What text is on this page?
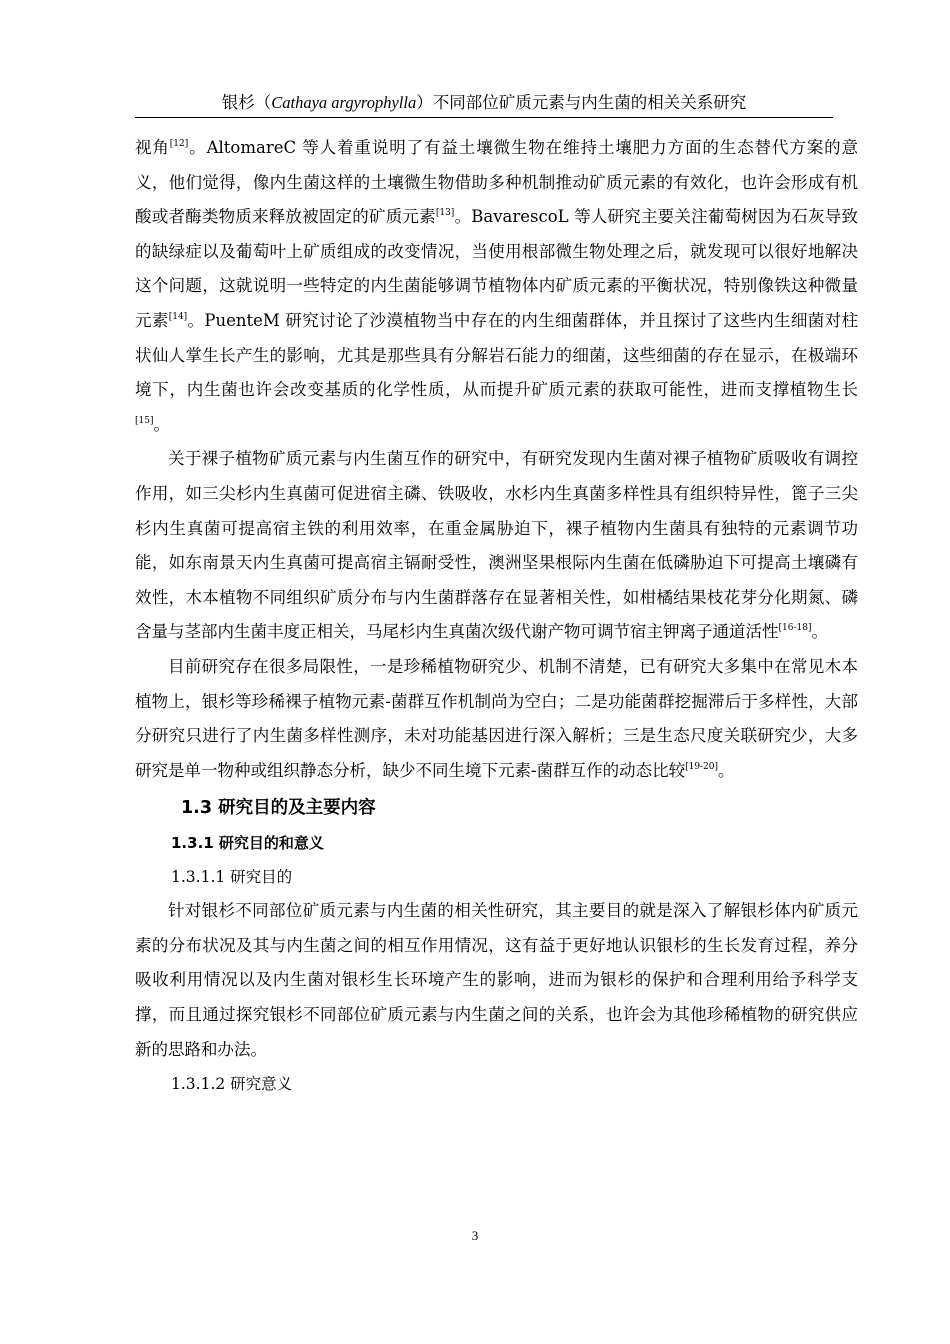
银杉（Cathaya argyrophylla）不同部位矿质元素与内生菌的相关关系研究

视角[12]。AltomareC 等人着重说明了有益土壤微生物在维持土壤肥力方面的生态替代方案的意义，他们觉得，像内生菌这样的土壤微生物借助多种机制推动矿质元素的有效化，也许会形成有机酸或者酶类物质来释放被固定的矿质元素[13]。BavarescoL 等人研究主要关注葡萄树因为石灰导致的缺绿症以及葡萄叶上矿质组成的改变情况，当使用根部微生物处理之后，就发现可以很好地解决这个问题，这就说明一些特定的内生菌能够调节植物体内矿质元素的平衡状况，特别像铁这种微量元素[14]。PuenteM 研究讨论了沙漠植物当中存在的内生细菌群体，并且探讨了这些内生细菌对柱状仙人掌生长产生的影响，尤其是那些具有分解岩石能力的细菌，这些细菌的存在显示，在极端环境下，内生菌也许会改变基质的化学性质，从而提升矿质元素的获取可能性，进而支撑植物生长[15]。

关于裸子植物矿质元素与内生菌互作的研究中，有研究发现内生菌对裸子植物矿质吸收有调控作用，如三尖杉内生真菌可促进宿主磷、铁吸收，水杉内生真菌多样性具有组织特异性，篦子三尖杉内生真菌可提高宿主铁的利用效率，在重金属胁迫下，裸子植物内生菌具有独特的元素调节功能，如东南景天内生真菌可提高宿主镉耐受性，澳洲坚果根际内生菌在低磷胁迫下可提高土壤磷有效性，木本植物不同组织矿质分布与内生菌群落存在显著相关性，如柑橘结果枝花芽分化期氮、磷含量与茎部内生菌丰度正相关，马尾杉内生真菌次级代谢产物可调节宿主钾离子通道活性[16-18]。

目前研究存在很多局限性，一是珍稀植物研究少、机制不清楚，已有研究大多集中在常见木本植物上，银杉等珍稀裸子植物元素-菌群互作机制尚为空白；二是功能菌群挖掘滞后于多样性，大部分研究只进行了内生菌多样性测序，未对功能基因进行深入解析；三是生态尺度关联研究少，大多研究是单一物种或组织静态分析，缺少不同生境下元素-菌群互作的动态比较[19-20]。

1.3 研究目的及主要内容

1.3.1 研究目的和意义

1.3.1.1 研究目的

针对银杉不同部位矿质元素与内生菌的相关性研究，其主要目的就是深入了解银杉体内矿质元素的分布状况及其与内生菌之间的相互作用情况，这有益于更好地认识银杉的生长发育过程，养分吸收利用情况以及内生菌对银杉生长环境产生的影响，进而为银杉的保护和合理利用给予科学支撑，而且通过探究银杉不同部位矿质元素与内生菌之间的关系，也许会为其他珍稀植物的研究供应新的思路和办法。

1.3.1.2 研究意义

3
